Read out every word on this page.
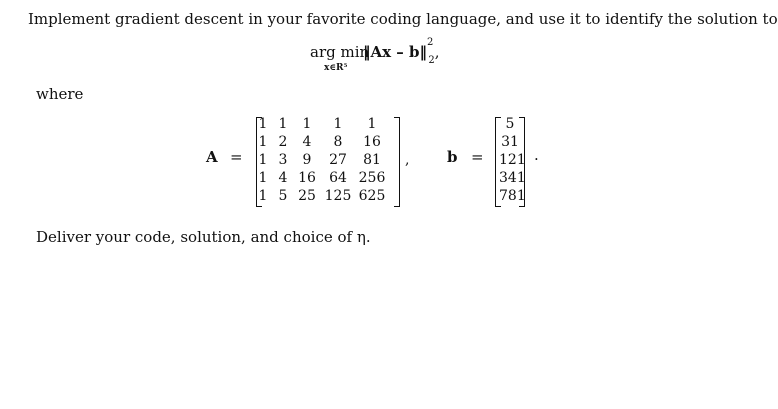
Implement gradient descent in your favorite coding language, and use it to identify the solution to
arg min
x∈R⁵
‖Ax – b‖$^2_2$,
where
A =
1 1	1	1	1
1 2	4	8	16
1 3	9	27	81
1 4 16 64 256
1 5 25 125 625
,	b =
5
31
121
341
781
.
Deliver your code, solution, and choice of η.
